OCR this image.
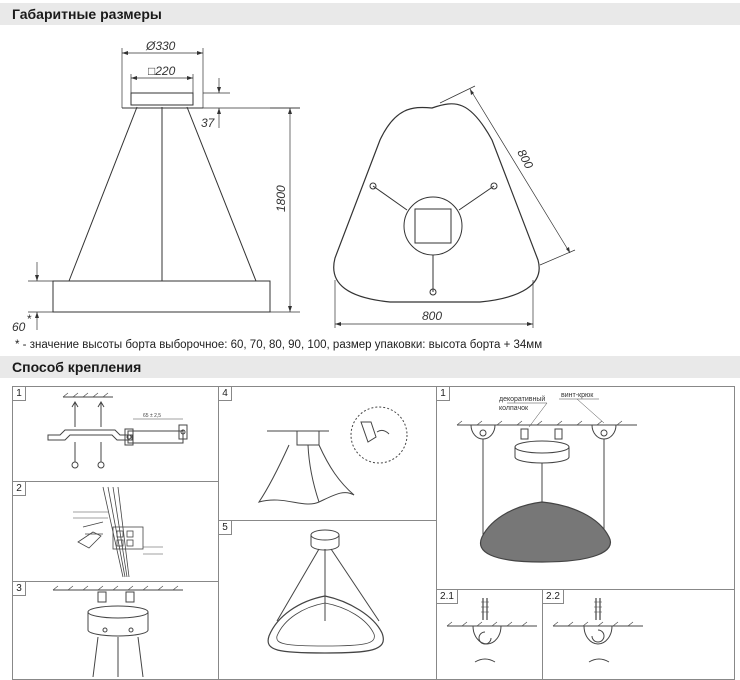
Габаритные размеры
Ø330
□220
37
1800
60
*
800
800
* - значение высоты борта выборочное: 60, 70, 80, 90, 100, размер упаковки: высота борта + 34мм
Способ крепления
1
65 ± 2,5
2
3
4
5
1
декоративный
колпачок
винт-крюк
2.1	2.2
